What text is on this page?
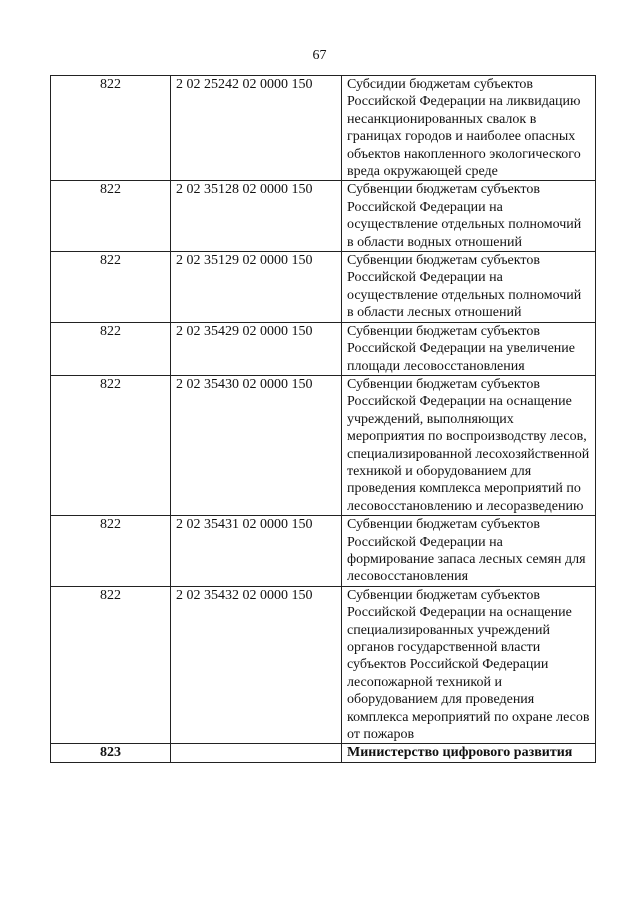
67
822	2 02 25242 02 0000 150	Субсидии бюджетам субъектов Российской Федерации на ликвидацию несанкционированных свалок в границах городов и наиболее опасных объектов накопленного экологического вреда окружающей среде
822	2 02 35128 02 0000 150	Субвенции бюджетам субъектов Российской Федерации на осуществление отдельных полномочий в области водных отношений
822	2 02 35129 02 0000 150	Субвенции бюджетам субъектов Российской Федерации на осуществление отдельных полномочий в области лесных отношений
822	2 02 35429 02 0000 150	Субвенции бюджетам субъектов Российской Федерации на увеличение площади лесовосстановления
822	2 02 35430 02 0000 150	Субвенции бюджетам субъектов Российской Федерации на оснащение учреждений, выполняющих мероприятия по воспроизводству лесов, специализированной лесохозяйственной техникой и оборудованием для проведения комплекса мероприятий по лесовосстановлению и лесоразведению
822	2 02 35431 02 0000 150	Субвенции бюджетам субъектов Российской Федерации на формирование запаса лесных семян для лесовосстановления
822	2 02 35432 02 0000 150	Субвенции бюджетам субъектов Российской Федерации на оснащение специализированных учреждений органов государственной власти субъектов Российской Федерации лесопожарной техникой и оборудованием для проведения комплекса мероприятий по охране лесов от пожаров
823		Министерство цифрового развития
